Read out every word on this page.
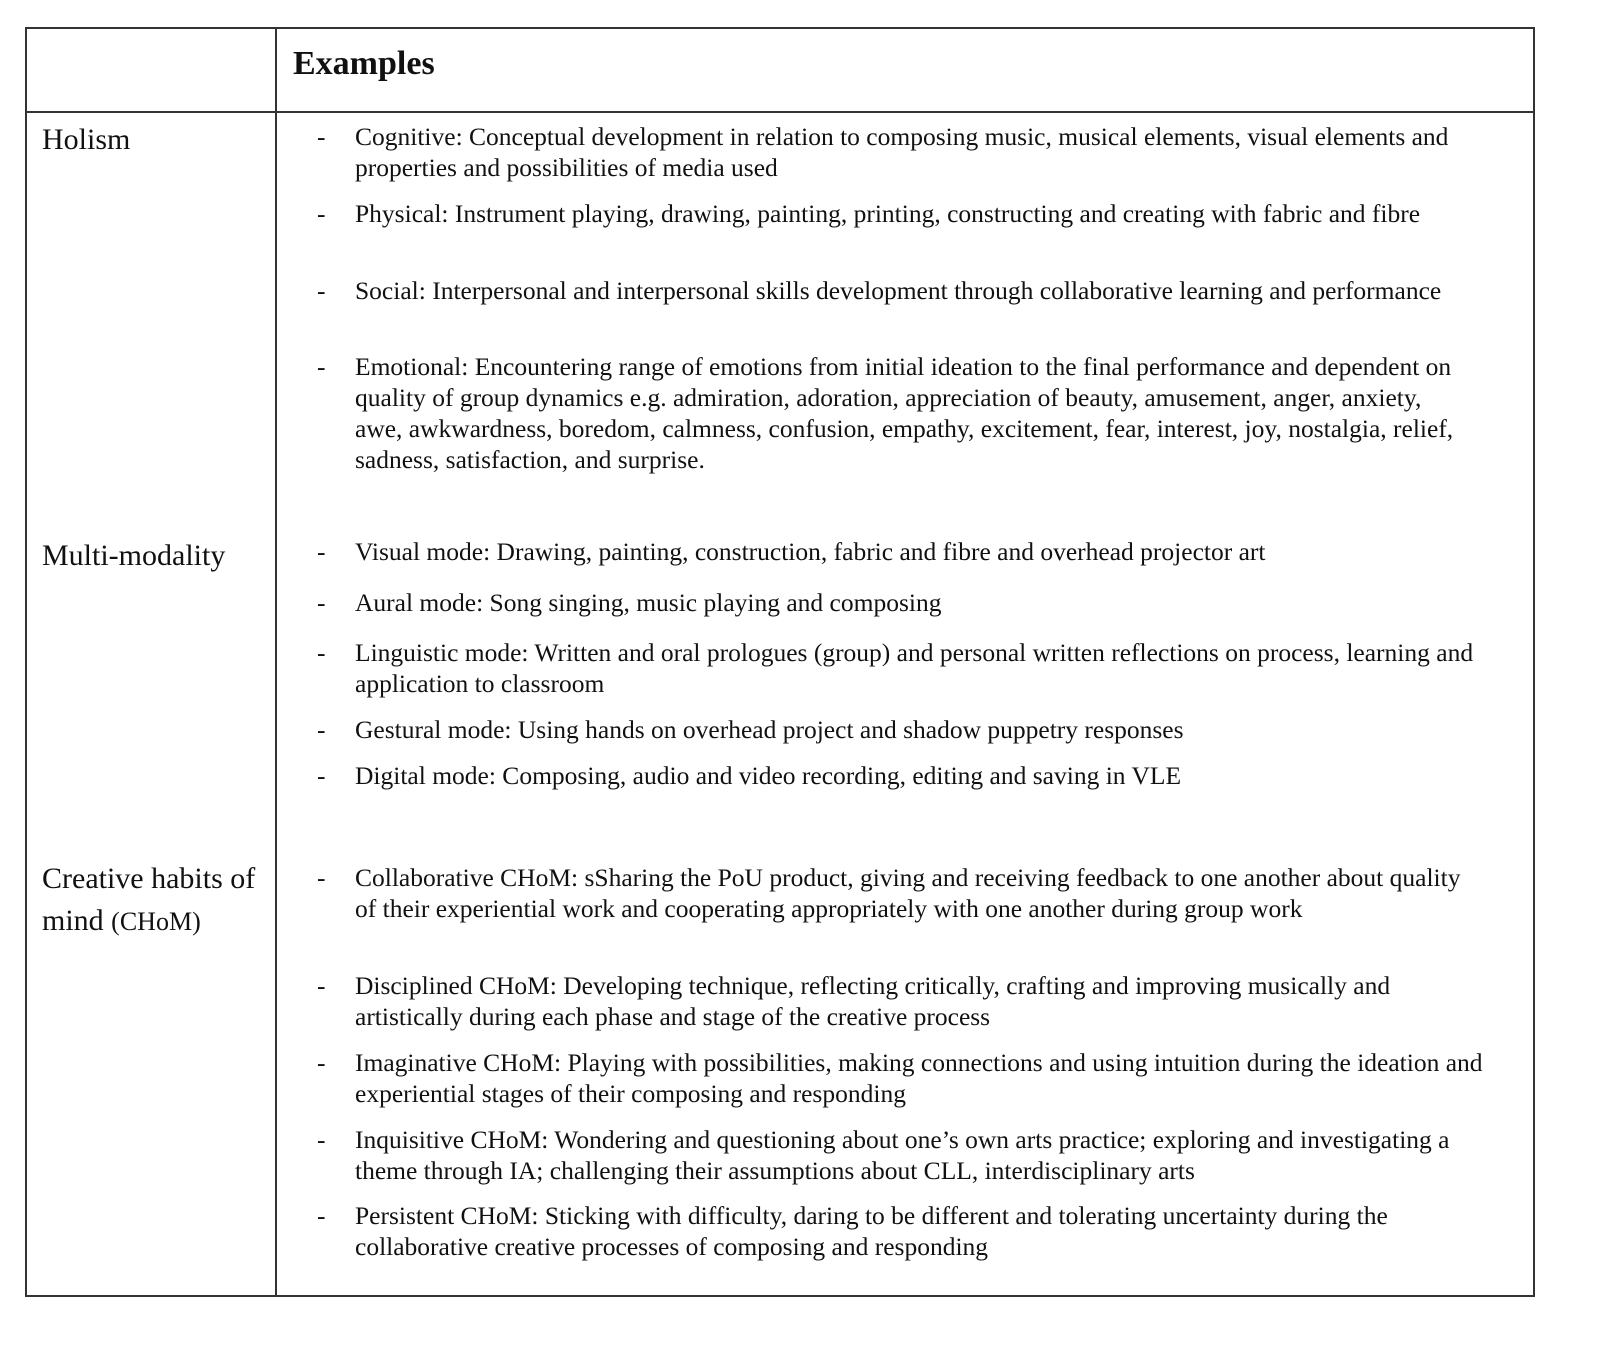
Examples
Holism	- Cognitive: Conceptual development in relation to composing music, musical elements, visual elements and properties and possibilities of media used
- Physical: Instrument playing, drawing, painting, printing, constructing and creating with fabric and fibre
- Social: Interpersonal and interpersonal skills development through collaborative learning and performance
- Emotional: Encountering range of emotions from initial ideation to the final performance and dependent on quality of group dynamics e.g. admiration, adoration, appreciation of beauty, amusement, anger, anxiety, awe, awkwardness, boredom, calmness, confusion, empathy, excitement, fear, interest, joy, nostalgia, relief, sadness, satisfaction, and surprise.
Multi-modality	- Visual mode: Drawing, painting, construction, fabric and fibre and overhead projector art
- Aural mode: Song singing, music playing and composing
- Linguistic mode: Written and oral prologues (group) and personal written reflections on process, learning and application to classroom
- Gestural mode: Using hands on overhead project and shadow puppetry responses
- Digital mode: Composing, audio and video recording, editing and saving in VLE
Creative habits of mind (CHoM)
- Collaborative CHoM: sSharing the PoU product, giving and receiving feedback to one another about quality of their experiential work and cooperating appropriately with one another during group work
- Disciplined CHoM: Developing technique, reflecting critically, crafting and improving musically and artistically during each phase and stage of the creative process
- Imaginative CHoM: Playing with possibilities, making connections and using intuition during the ideation and experiential stages of their composing and responding
- Inquisitive CHoM: Wondering and questioning about one’s own arts practice; exploring and investigating a theme through IA; challenging their assumptions about CLL, interdisciplinary arts
- Persistent CHoM: Sticking with difficulty, daring to be different and tolerating uncertainty during the collaborative creative processes of composing and responding
